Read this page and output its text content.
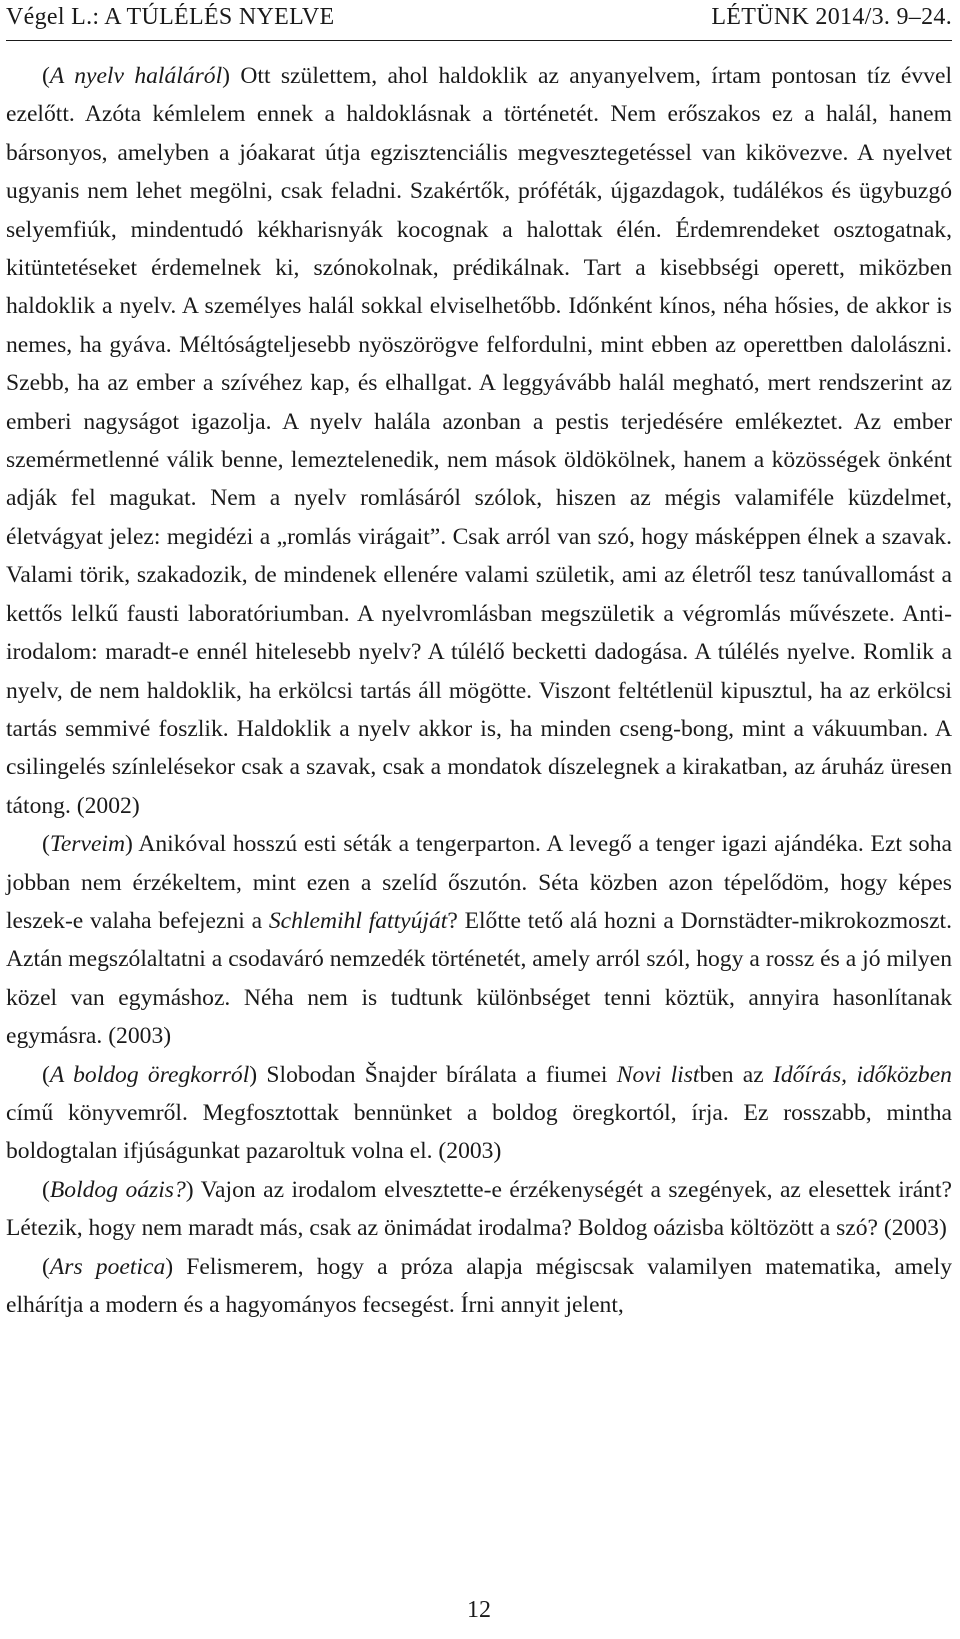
Végel L.: A TÚLÉLÉS NYELVE	LÉTÜNK 2014/3. 9–24.

(A nyelv haláláról) Ott születtem, ahol haldoklik az anyanyelvem, írtam pontosan tíz évvel ezelőtt. Azóta kémlelem ennek a haldoklásnak a történetét. Nem erőszakos ez a halál, hanem bársonyos, amelyben a jóakarat útja egzisztenciális megvesztegetéssel van kikövezve. A nyelvet ugyanis nem lehet megölni, csak feladni. Szakértők, próféták, újgazdagok, tudálékos és ügybuzgó selyemfiúk, mindentudó kékharisnyák kocognak a halottak élén. Érdemrendeket osztogatnak, kitüntetéseket érdemelnek ki, szónokolnak, prédikálnak. Tart a kisebbségi operett, miközben haldoklik a nyelv. A személyes halál sokkal elviselhetőbb. Időnként kínos, néha hősies, de akkor is nemes, ha gyáva. Méltóságteljesebb nyöszörögve felfordulni, mint ebben az operettben dalolászni. Szebb, ha az ember a szívéhez kap, és elhallgat. A leggyávább halál megható, mert rendszerint az emberi nagyságot igazolja. A nyelv halála azonban a pestis terjedésére emlékeztet. Az ember szemérmetlenné válik benne, lemeztelenedik, nem mások öldökölnek, hanem a közösségek önként adják fel magukat. Nem a nyelv romlásáról szólok, hiszen az mégis valamiféle küzdelmet, életvágyat jelez: megidézi a „romlás virágait”. Csak arról van szó, hogy másképpen élnek a szavak. Valami törik, szakadozik, de mindenek ellenére valami születik, ami az életről tesz tanúvallomást a kettős lelkű fausti laboratóriumban. A nyelvromlásban megszületik a végromlás művészete. Anti-irodalom: maradt-e ennél hitelesebb nyelv? A túlélő becketti dadogása. A túlélés nyelve. Romlik a nyelv, de nem haldoklik, ha erkölcsi tartás áll mögötte. Viszont feltétlenül kipusztul, ha az erkölcsi tartás semmivé foszlik. Haldoklik a nyelv akkor is, ha minden cseng-bong, mint a vákuumban. A csilingelés színlelésekor csak a szavak, csak a mondatok díszelegnek a kirakatban, az áruház üresen tátong. (2002)

(Terveim) Anikóval hosszú esti séták a tengerparton. A levegő a tenger igazi ajándéka. Ezt soha jobban nem érzékeltem, mint ezen a szelíd őszutón. Séta közben azon tépelődöm, hogy képes leszek-e valaha befejezni a Schlemihl fattyúját? Előtte tető alá hozni a Dornstädter-mikrokozmoszt. Aztán megszólaltatni a csodaváró nemzedék történetét, amely arról szól, hogy a rossz és a jó milyen közel van egymáshoz. Néha nem is tudtunk különbséget tenni köztük, annyira hasonlítanak egymásra. (2003)

(A boldog öregkorról) Slobodan Šnajder bírálata a fiumei Novi listben az Időírás, időközben című könyvemről. Megfosztottak bennünket a boldog öregkortól, írja. Ez rosszabb, mintha boldogtalan ifjúságunkat pazaroltuk volna el. (2003)

(Boldog oázis?) Vajon az irodalom elvesztette-e érzékenységét a szegények, az elesettek iránt? Létezik, hogy nem maradt más, csak az önimádat irodalma? Boldog oázisba költözött a szó? (2003)

(Ars poetica) Felismerem, hogy a próza alapja mégiscsak valamilyen matematika, amely elhárítja a modern és a hagyományos fecsegést. Írni annyit jelent,

12
